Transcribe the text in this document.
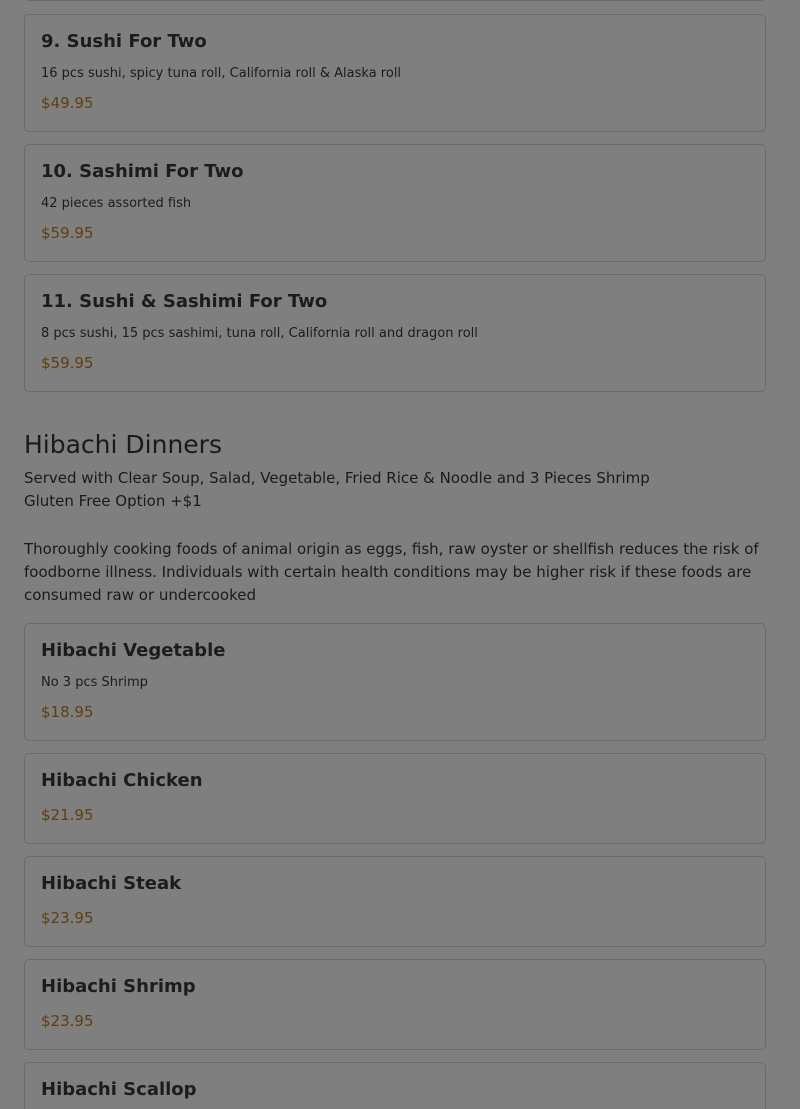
9. Sushi For Two
16 pcs sushi, spicy tuna roll, California roll & Alaska roll
$49.95
10. Sashimi For Two
42 pieces assorted fish
$59.95
11. Sushi & Sashimi For Two
8 pcs sushi, 15 pcs sashimi, tuna roll, California roll and dragon roll
$59.95
Hibachi Dinners
Served with Clear Soup, Salad, Vegetable, Fried Rice & Noodle and 3 Pieces Shrimp
Gluten Free Option +$1
Thoroughly cooking foods of animal origin as eggs, fish, raw oyster or shellfish reduces the risk of foodborne illness. Individuals with certain health conditions may be higher risk if these foods are consumed raw or undercooked
Hibachi Vegetable
No 3 pcs Shrimp
$18.95
Hibachi Chicken
$21.95
Hibachi Steak
$23.95
Hibachi Shrimp
$23.95
Hibachi Scallop
